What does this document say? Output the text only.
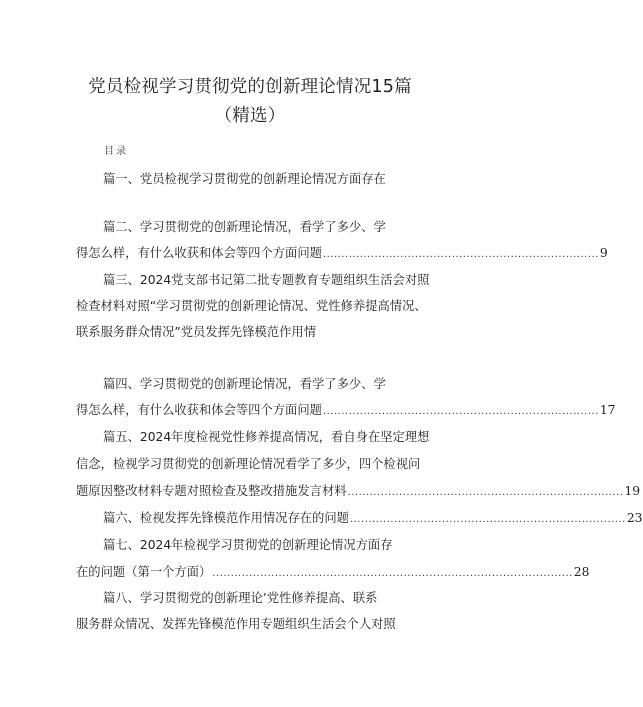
党员检视学习贯彻党的创新理论情况15篇
（精选）
目录
篇一、党员检视学习贯彻党的创新理论情况方面存在
篇二、学习贯彻党的创新理论情况，看学了多少、学
得怎么样，有什么收获和体会等四个方面问题 ........................................................................... 9
篇三、2024党支部书记第二批专题教育专题组织生活会对照
检查材料对照“学习贯彻党的创新理论情况、党性修养提高情况、
联系服务群众情况”党员发挥先锋模范作用情
篇四、学习贯彻党的创新理论情况，看学了多少、学
得怎么样，有什么收获和体会等四个方面问题 ........................................................................... 17
篇五、2024年度检视党性修养提高情况，看自身在坚定理想
信念，检视学习贯彻党的创新理论情况看学了多少，四个检视问
题原因整改材料专题对照检查及整改措施发言材料 ........................................................................... 19
篇六、检视发挥先锋模范作用情况存在的问题 ........................................................................... 23
篇七、2024年检视学习贯彻党的创新理论情况方面存
在的问题（第一个方面） .................................................................................................. 28
篇八、学习贯彻党的创新理论’党性修养提高、联系
服务群众情况、发挥先锋模范作用专题组织生活会个人对照
